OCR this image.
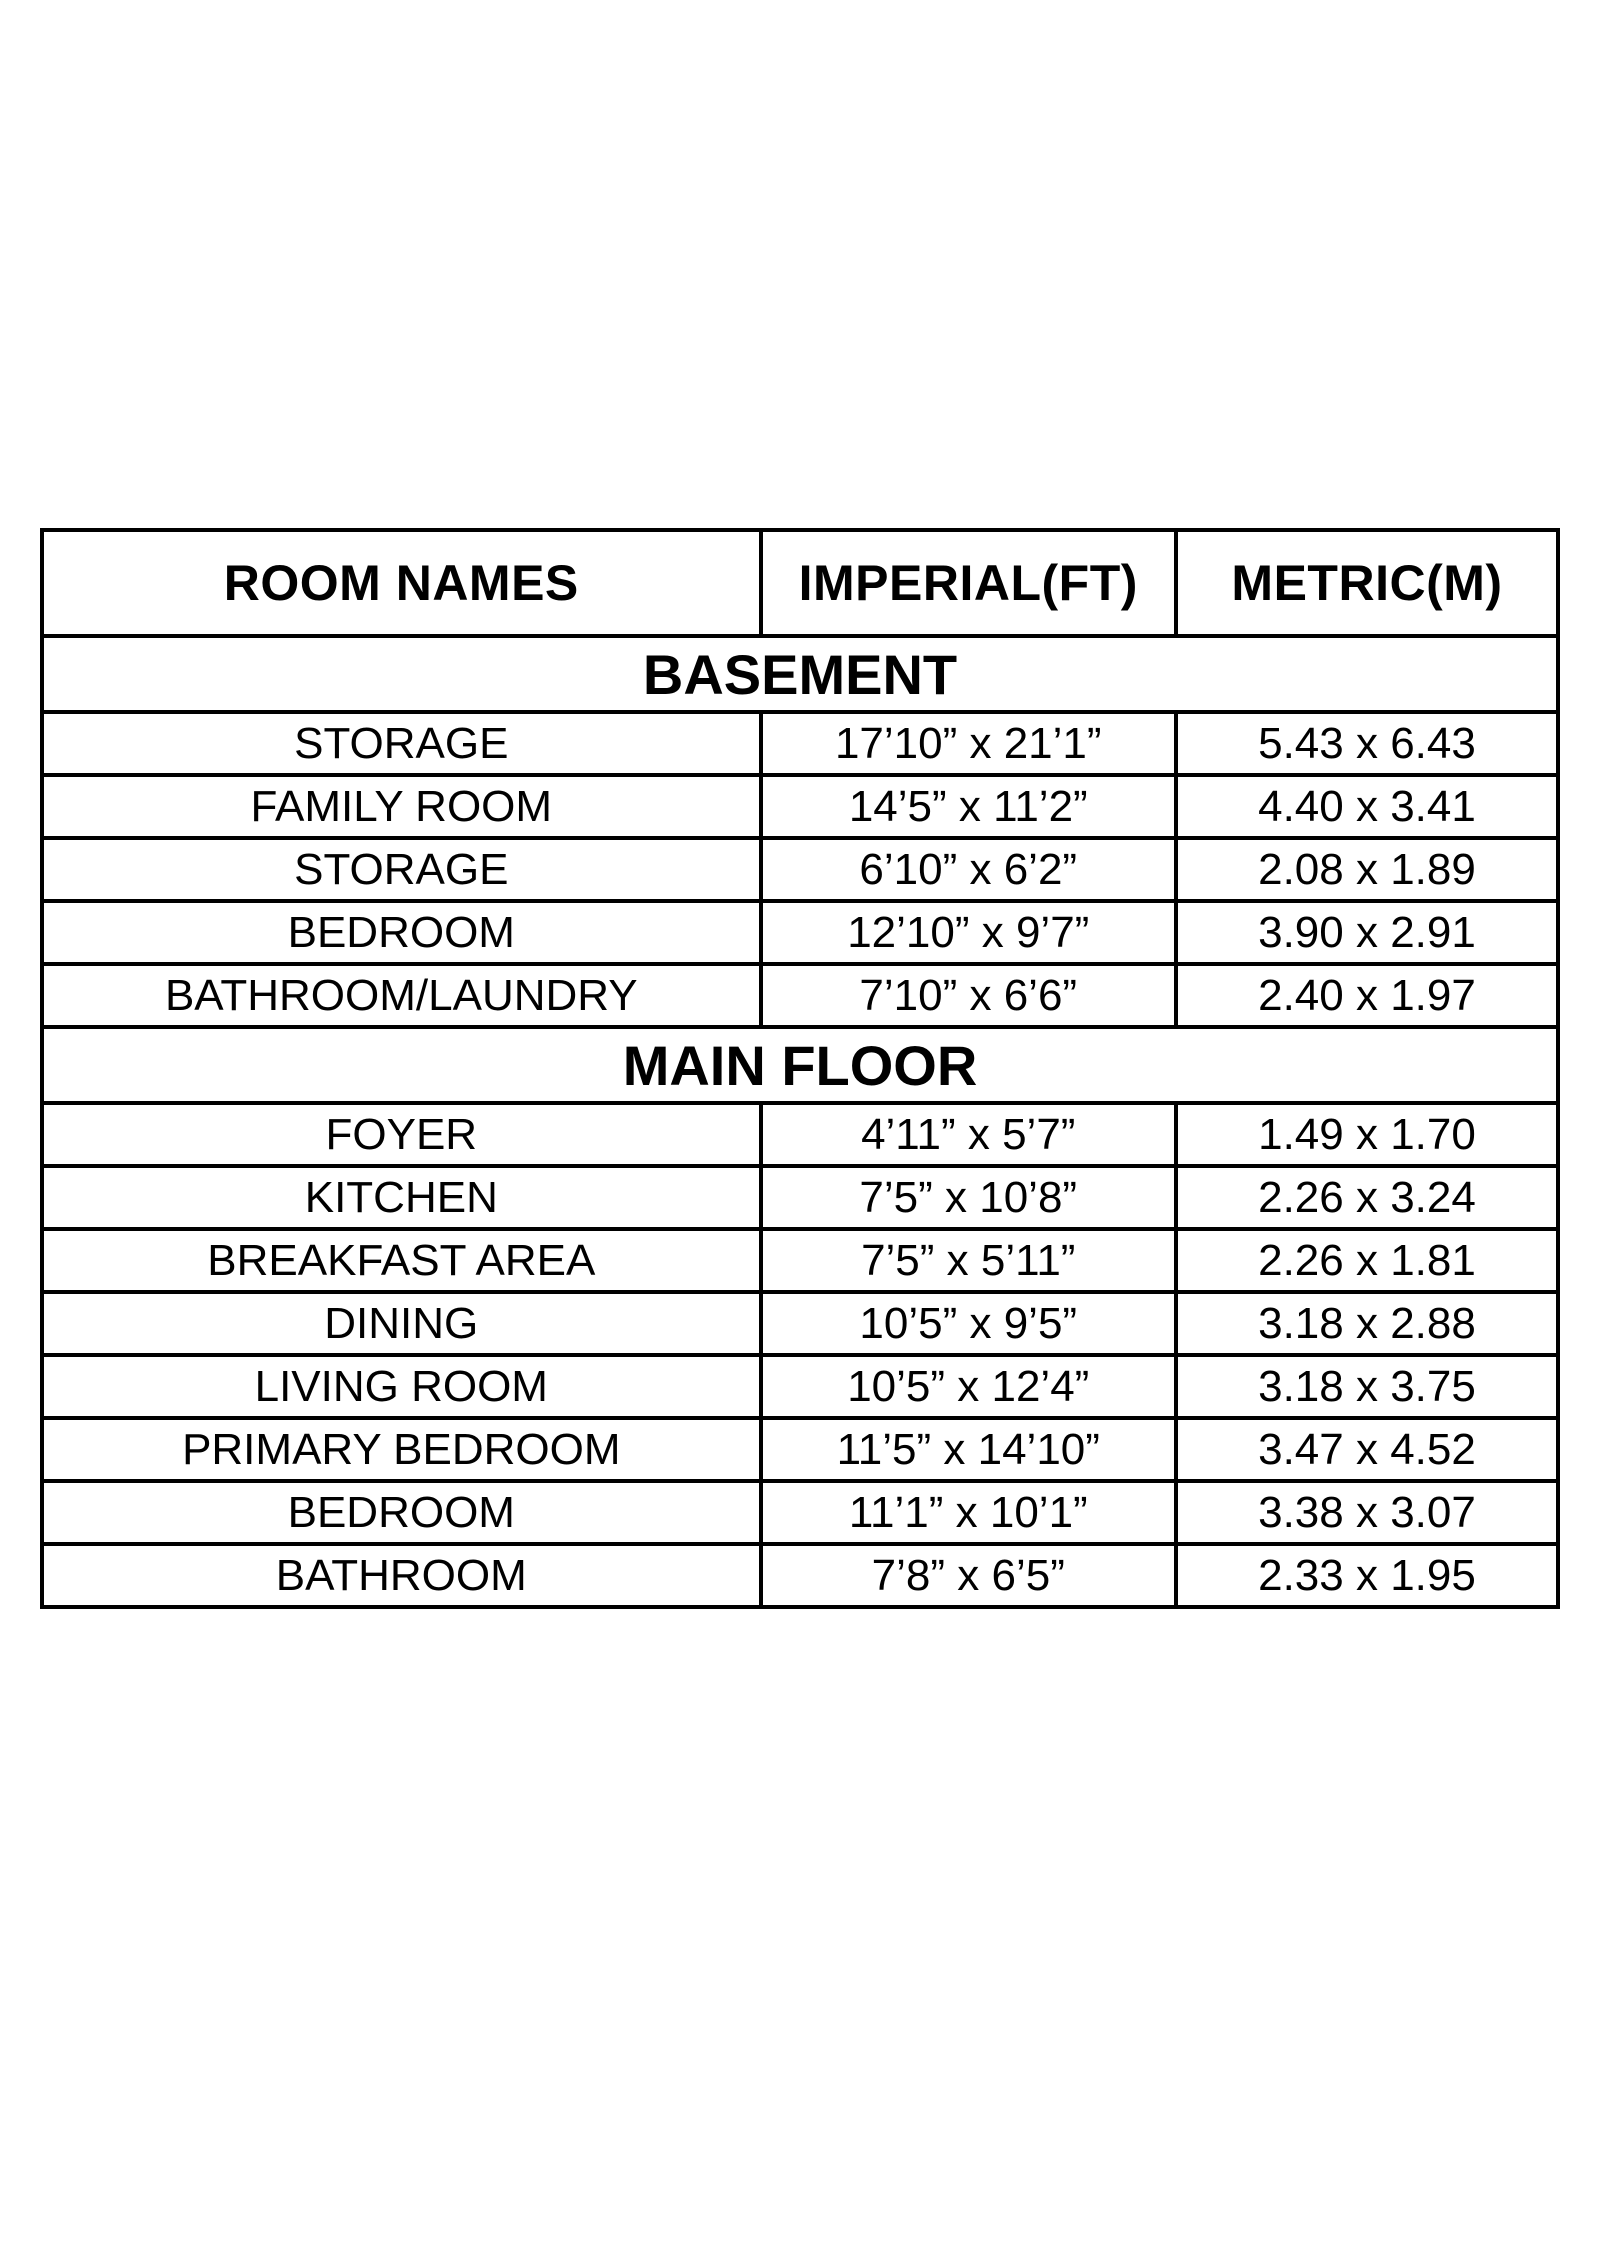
ROOM NAMES	IMPERIAL(FT)	METRIC(M)
BASEMENT		
STORAGE	17’10” x 21’1”	5.43 x 6.43
FAMILY ROOM	14’5” x 11’2”	4.40 x 3.41
STORAGE	6’10” x 6’2”	2.08 x 1.89
BEDROOM	12’10” x 9’7”	3.90 x 2.91
BATHROOM/LAUNDRY	7’10” x 6’6”	2.40 x 1.97
MAIN FLOOR		
FOYER	4’11” x 5’7”	1.49 x 1.70
KITCHEN	7’5” x 10’8”	2.26 x 3.24
BREAKFAST AREA	7’5” x 5’11”	2.26 x 1.81
DINING	10’5” x 9’5”	3.18 x 2.88
LIVING ROOM	10’5” x 12’4”	3.18 x 3.75
PRIMARY BEDROOM	11’5” x 14’10”	3.47 x 4.52
BEDROOM	11’1” x 10’1”	3.38 x 3.07
BATHROOM	7’8” x 6’5”	2.33 x 1.95
